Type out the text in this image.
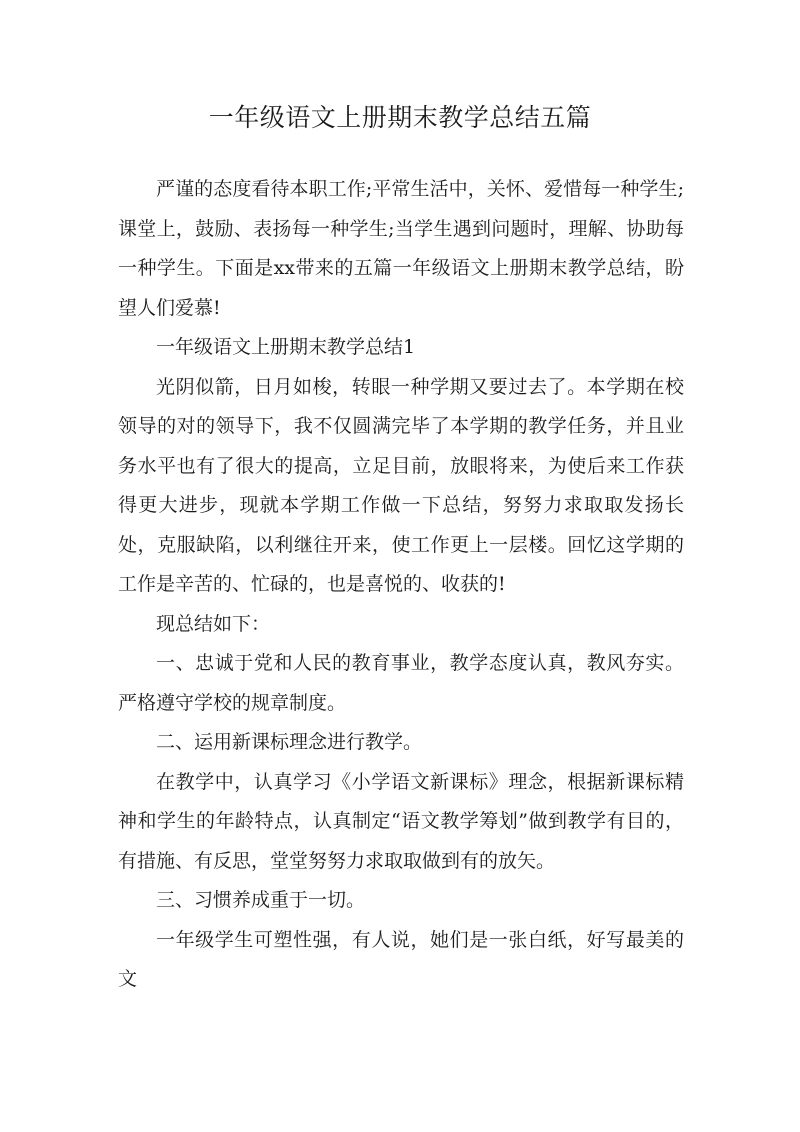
一年级语文上册期末教学总结五篇

严谨的态度看待本职工作;平常生活中，关怀、爱惜每一种学生;课堂上，鼓励、表扬每一种学生;当学生遇到问题时，理解、协助每一种学生。下面是xx带来的五篇一年级语文上册期末教学总结，盼望人们爱慕!

一年级语文上册期末教学总结1

光阴似箭，日月如梭，转眼一种学期又要过去了。本学期在校领导的对的领导下，我不仅圆满完毕了本学期的教学任务，并且业务水平也有了很大的提高，立足目前，放眼将来，为使后来工作获得更大进步，现就本学期工作做一下总结，努努力求取取发扬长处，克服缺陷，以利继往开来，使工作更上一层楼。回忆这学期的工作是辛苦的、忙碌的，也是喜悦的、收获的!

现总结如下：

一、忠诚于党和人民的教育事业，教学态度认真，教风夯实。严格遵守学校的规章制度。

二、运用新课标理念进行教学。

在教学中，认真学习《小学语文新课标》理念，根据新课标精神和学生的年龄特点，认真制定“语文教学筹划”做到教学有目的，有措施、有反思，堂堂努努力求取取做到有的放矢。

三、习惯养成重于一切。

一年级学生可塑性强，有人说，她们是一张白纸，好写最美的文
